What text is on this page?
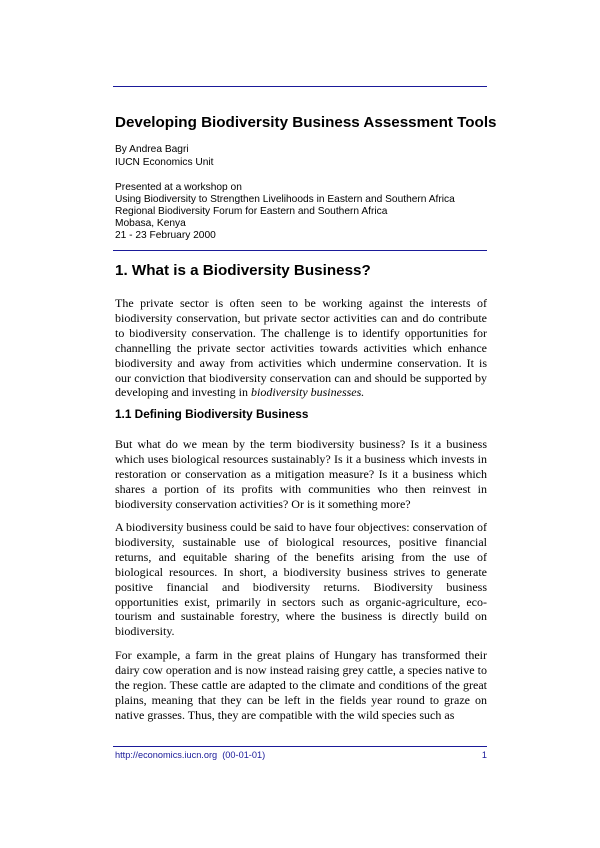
Developing Biodiversity Business Assessment Tools
By Andrea Bagri
IUCN Economics Unit
Presented at a workshop on
Using Biodiversity to Strengthen Livelihoods in Eastern and Southern Africa
Regional Biodiversity Forum for Eastern and Southern Africa
Mobasa, Kenya
21 - 23 February 2000
1. What is a Biodiversity Business?

The private sector is often seen to be working against the interests of biodiversity conservation, but private sector activities can and do contribute to biodiversity conservation. The challenge is to identify opportunities for channelling the private sector activities towards activities which enhance biodiversity and away from activities which undermine conservation. It is our conviction that biodiversity conservation can and should be supported by developing and investing in biodiversity businesses.

1.1 Defining Biodiversity Business

But what do we mean by the term biodiversity business? Is it a business which uses biological resources sustainably? Is it a business which invests in restoration or conservation as a mitigation measure? Is it a business which shares a portion of its profits with communities who then reinvest in biodiversity conservation activities? Or is it something more?

A biodiversity business could be said to have four objectives: conservation of biodiversity, sustainable use of biological resources, positive financial returns, and equitable sharing of the benefits arising from the use of biological resources. In short, a biodiversity business strives to generate positive financial and biodiversity returns. Biodiversity business opportunities exist, primarily in sectors such as organic-agriculture, eco-tourism and sustainable forestry, where the business is directly build on biodiversity.

For example, a farm in the great plains of Hungary has transformed their dairy cow operation and is now instead raising grey cattle, a species native to the region. These cattle are adapted to the climate and conditions of the great plains, meaning that they can be left in the fields year round to graze on native grasses. Thus, they are compatible with the wild species such as

http://economics.iucn.org (00-01-01)	1
